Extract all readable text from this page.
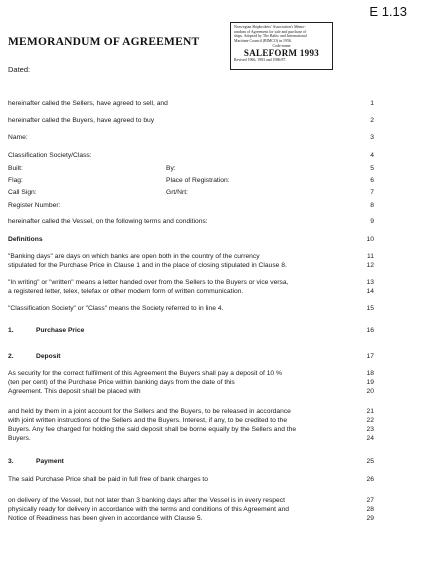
E 1.13
MEMORANDUM OF AGREEMENT
Dated:
Norwegian Shipbrokers' Association's Memo-
randum of Agreement for sale and purchase of
ships. Adopted by The Baltic and International
Maritime Council (BIMCO) in 1956.
Code-name
SALEFORM 1993
Revised 1966, 1983 and 1986/87.
hereinafter called the Sellers, have agreed to sell, and	1
hereinafter called the Buyers, have agreed to buy	2
Name:	3
Classification Society/Class:	4
Built:	By:	5
Flag:	Place of Registration:	6
Call Sign:	Grt/Nrt:	7
Register Number:	8
hereinafter called the Vessel, on the following terms and conditions:	9
Definitions	10
"Banking days" are days on which banks are open both in the country of the currency	11
stipulated for the Purchase Price in Clause 1 and in the place of closing stipulated in Clause 8.	12
"In writing" or "written" means a letter handed over from the Sellers to the Buyers or vice versa,	13
a registered letter, telex, telefax or other modern form of written communication.	14
"Classification Society" or "Class" means the Society referred to in line 4.	15
1.	Purchase Price	16
2.	Deposit	17
As security for the correct fulfilment of this Agreement the Buyers shall pay a deposit of 10 %	18
(ten per cent) of the Purchase Price within banking days from the date of this	19
Agreement. This deposit shall be placed with	20
and held by them in a joint account for the Sellers and the Buyers, to be released in accordance	21
with joint written instructions of the Sellers and the Buyers. Interest, if any, to be credited to the	22
Buyers. Any fee charged for holding the said deposit shall be borne equally by the Sellers and the	23
Buyers.	24
3.	Payment	25
The said Purchase Price shall be paid in full free of bank charges to	26
on delivery of the Vessel, but not later than 3 banking days after the Vessel is in every respect	27
physically ready for delivery in accordance with the terms and conditions of this Agreement and	28
Notice of Readiness has been given in accordance with Clause 5.	29
